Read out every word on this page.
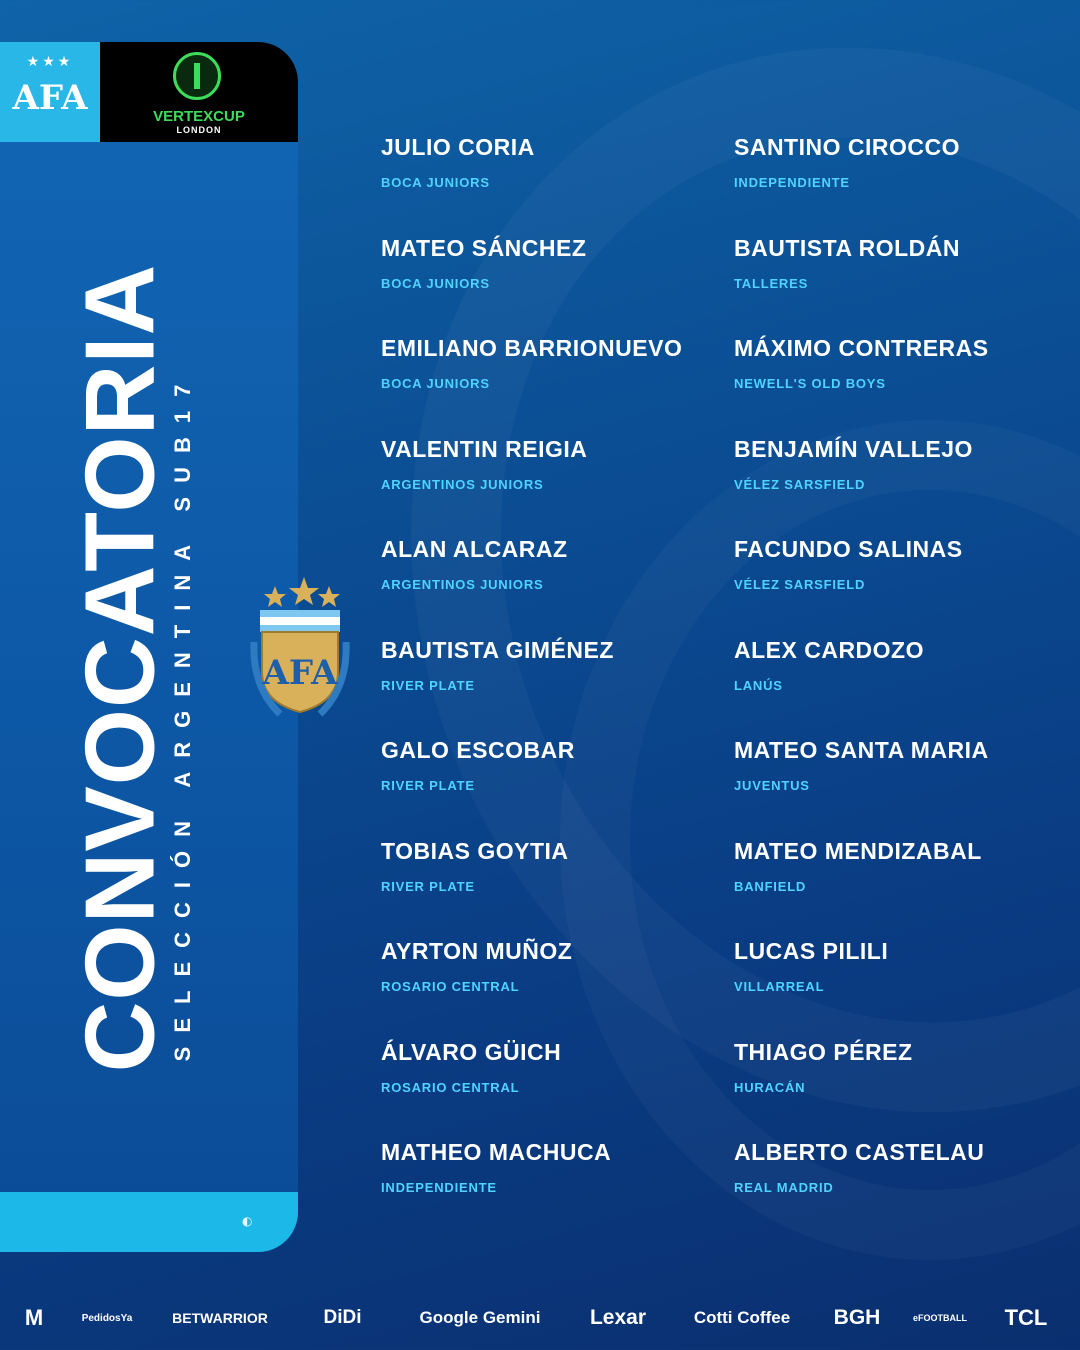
★★★
AFA	VERTEXCUP
LONDON
◐
CONVOCATORIA
SELECCIÓN ARGENTINA SUB17 AFA
JULIO CORIA
BOCA JUNIORS
MATEO SÁNCHEZ
BOCA JUNIORS
EMILIANO BARRIONUEVO
BOCA JUNIORS
VALENTIN REIGIA
ARGENTINOS JUNIORS
ALAN ALCARAZ
ARGENTINOS JUNIORS
BAUTISTA GIMÉNEZ
RIVER PLATE
GALO ESCOBAR
RIVER PLATE
TOBIAS GOYTIA
RIVER PLATE
AYRTON MUÑOZ
ROSARIO CENTRAL
ÁLVARO GÜICH
ROSARIO CENTRAL
MATHEO MACHUCA
INDEPENDIENTE
SANTINO CIROCCO
INDEPENDIENTE
BAUTISTA ROLDÁN
TALLERES
MÁXIMO CONTRERAS
NEWELL'S OLD BOYS
BENJAMÍN VALLEJO
VÉLEZ SARSFIELD
FACUNDO SALINAS
VÉLEZ SARSFIELD
ALEX CARDOZO
LANÚS
MATEO SANTA MARIA
JUVENTUS
MATEO MENDIZABAL
BANFIELD
LUCAS PILILI
VILLARREAL
THIAGO PÉREZ
HURACÁN
ALBERTO CASTELAU
REAL MADRID
M	PedidosYa	BETWARRIOR	DiDi	Google Gemini	Lexar	Cotti Coffee	BGH	eFOOTBALL	TCL
